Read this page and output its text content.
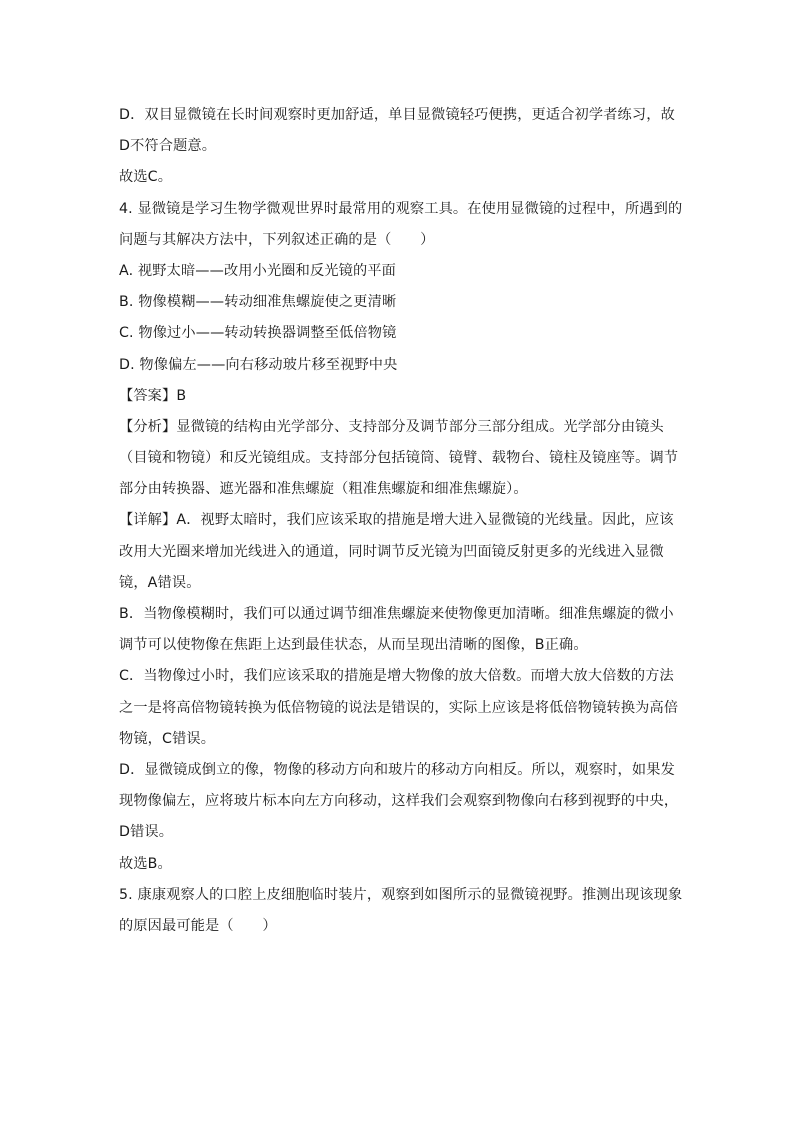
D．双目显微镜在长时间观察时更加舒适，单目显微镜轻巧便携，更适合初学者练习，故
D不符合题意。
故选C。
4. 显微镜是学习生物学微观世界时最常用的观察工具。在使用显微镜的过程中，所遇到的
问题与其解决方法中，下列叙述正确的是（　　）
A. 视野太暗——改用小光圈和反光镜的平面
B. 物像模糊——转动细准焦螺旋使之更清晰
C. 物像过小——转动转换器调整至低倍物镜
D. 物像偏左——向右移动玻片移至视野中央
【答案】B
【分析】显微镜的结构由光学部分、支持部分及调节部分三部分组成。光学部分由镜头
（目镜和物镜）和反光镜组成。支持部分包括镜筒、镜臂、载物台、镜柱及镜座等。调节
部分由转换器、遮光器和准焦螺旋（粗准焦螺旋和细准焦螺旋）。
【详解】A．视野太暗时，我们应该采取的措施是增大进入显微镜的光线量。因此，应该
改用大光圈来增加光线进入的通道，同时调节反光镜为凹面镜反射更多的光线进入显微
镜，A错误。
B．当物像模糊时，我们可以通过调节细准焦螺旋来使物像更加清晰。细准焦螺旋的微小
调节可以使物像在焦距上达到最佳状态，从而呈现出清晰的图像，B正确。
C．当物像过小时，我们应该采取的措施是增大物像的放大倍数。而增大放大倍数的方法
之一是将高倍物镜转换为低倍物镜的说法是错误的，实际上应该是将低倍物镜转换为高倍
物镜，C错误。
D．显微镜成倒立的像，物像的移动方向和玻片的移动方向相反。所以，观察时，如果发
现物像偏左，应将玻片标本向左方向移动，这样我们会观察到物像向右移到视野的中央，
D错误。
故选B。
5. 康康观察人的口腔上皮细胞临时装片，观察到如图所示的显微镜视野。推测出现该现象
的原因最可能是（　　）
